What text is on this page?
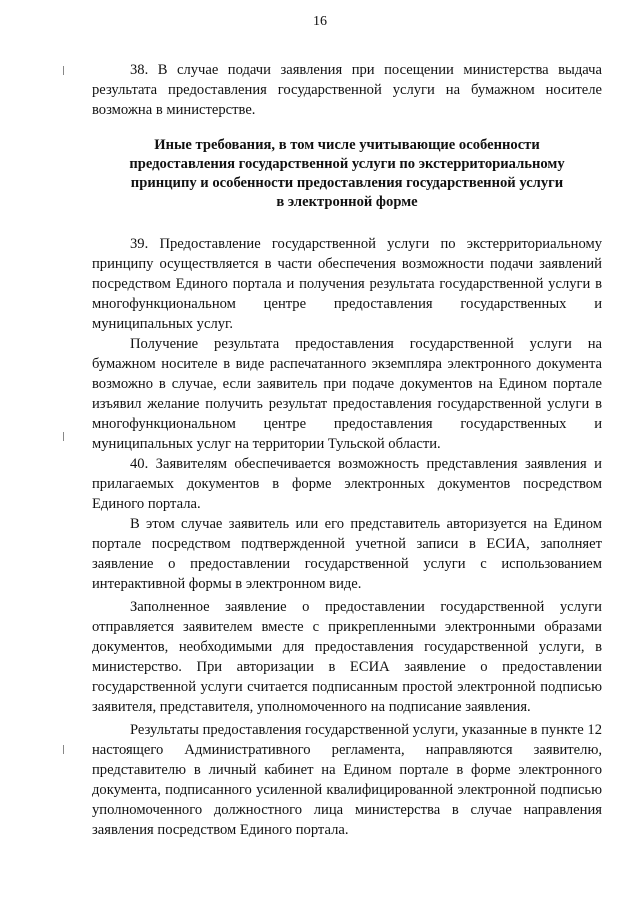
16

38. В случае подачи заявления при посещении министерства выдача результата предоставления государственной услуги на бумажном носителе возможна в министерстве.

Иные требования, в том числе учитывающие особенности
предоставления государственной услуги по экстерриториальному
принципу и особенности предоставления государственной услуги
в электронной форме

39. Предоставление государственной услуги по экстерриториальному принципу осуществляется в части обеспечения возможности подачи заявлений посредством Единого портала и получения результата государственной услуги в многофункциональном центре предоставления государственных и муниципальных услуг.

Получение результата предоставления государственной услуги на бумажном носителе в виде распечатанного экземпляра электронного документа возможно в случае, если заявитель при подаче документов на Едином портале изъявил желание получить результат предоставления государственной услуги в многофункциональном центре предоставления государственных и муниципальных услуг на территории Тульской области.

40. Заявителям обеспечивается возможность представления заявления и прилагаемых документов в форме электронных документов посредством Единого портала.

В этом случае заявитель или его представитель авторизуется на Едином портале посредством подтвержденной учетной записи в ЕСИА, заполняет заявление о предоставлении государственной услуги с использованием интерактивной формы в электронном виде.

Заполненное заявление о предоставлении государственной услуги отправляется заявителем вместе с прикрепленными электронными образами документов, необходимыми для предоставления государственной услуги, в министерство. При авторизации в ЕСИА заявление о предоставлении государственной услуги считается подписанным простой электронной подписью заявителя, представителя, уполномоченного на подписание заявления.

Результаты предоставления государственной услуги, указанные в пункте 12 настоящего Административного регламента, направляются заявителю, представителю в личный кабинет на Едином портале в форме электронного документа, подписанного усиленной квалифицированной электронной подписью уполномоченного должностного лица министерства в случае направления заявления посредством Единого портала.
